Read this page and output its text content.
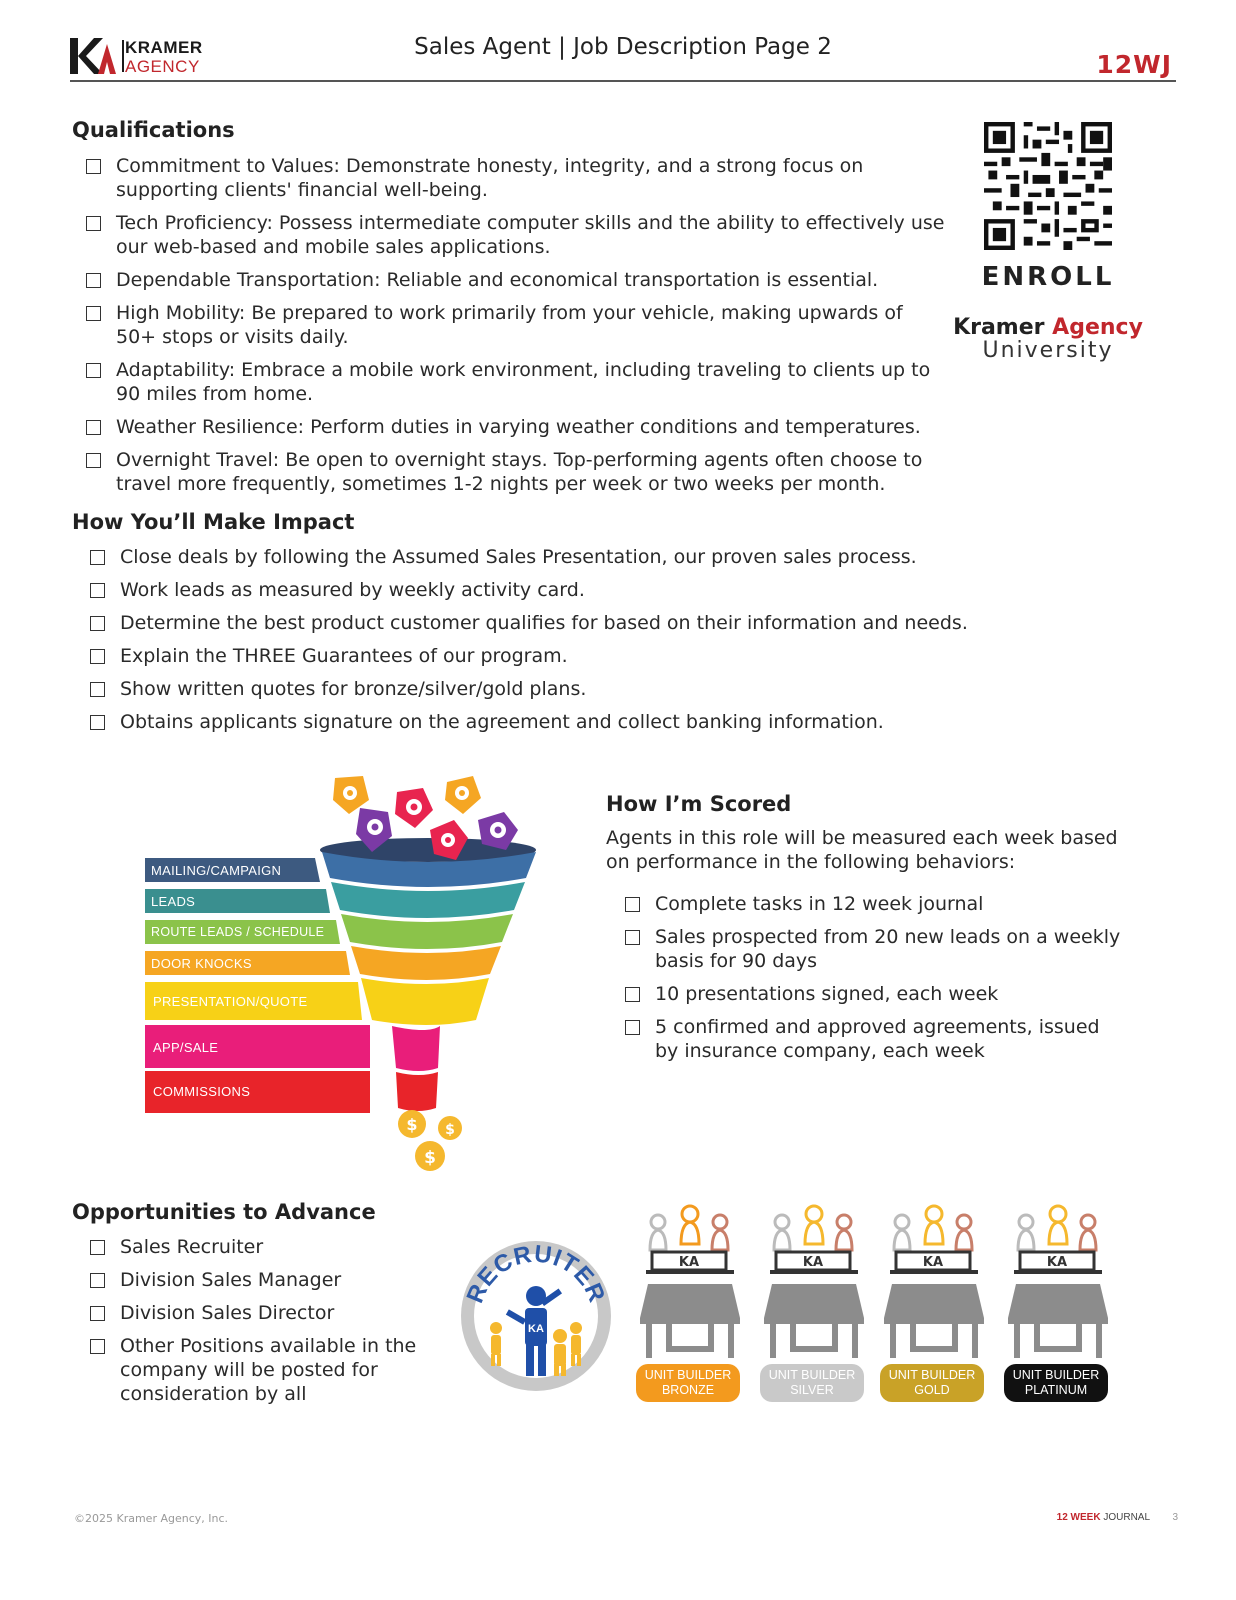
KRAMER
AGENCY
Sales Agent | Job Description Page 2
12WJ
Qualifications
Commitment to Values: Demonstrate honesty, integrity, and a strong focus on supporting clients' financial well-being.
Tech Proficiency: Possess intermediate computer skills and the ability to effectively use our web-based and mobile sales applications.
Dependable Transportation: Reliable and economical transportation is essential.
High Mobility: Be prepared to work primarily from your vehicle, making upwards of 50+ stops or visits daily.
Adaptability: Embrace a mobile work environment, including traveling to clients up to 90 miles from home.
Weather Resilience: Perform duties in varying weather conditions and temperatures.
Overnight Travel: Be open to overnight stays. Top-performing agents often choose to travel more frequently, sometimes 1-2 nights per week or two weeks per month.
ENROLL
Kramer Agency
University
How You’ll Make Impact
Close deals by following the Assumed Sales Presentation, our proven sales process.
Work leads as measured by weekly activity card.
Determine the best product customer qualifies for based on their information and needs.
Explain the THREE Guarantees of our program.
Show written quotes for bronze/silver/gold plans.
Obtains applicants signature on the agreement and collect banking information.
$ $
$
MAILING/CAMPAIGN
LEADS
ROUTE LEADS / SCHEDULE
DOOR KNOCKS
PRESENTATION/QUOTE
APP/SALE
COMMISSIONS
How I’m Scored
Agents in this role will be measured each week based on performance in the following behaviors:
Complete tasks in 12 week journal
Sales prospected from 20 new leads on a weekly basis for 90 days
10 presentations signed, each week
5 confirmed and approved agreements, issued by insurance company, each week
Opportunities to Advance
Sales Recruiter
Division Sales Manager
Division Sales Director
Other Positions available in the company will be posted for consideration by all
RECRUITER
KA
KA
UNIT BUILDER
BRONZE
KA
UNIT BUILDER
SILVER
KA
UNIT BUILDER
GOLD
KA
UNIT BUILDER
PLATINUM
©2025 Kramer Agency, Inc.	12 WEEK JOURNAL 3
